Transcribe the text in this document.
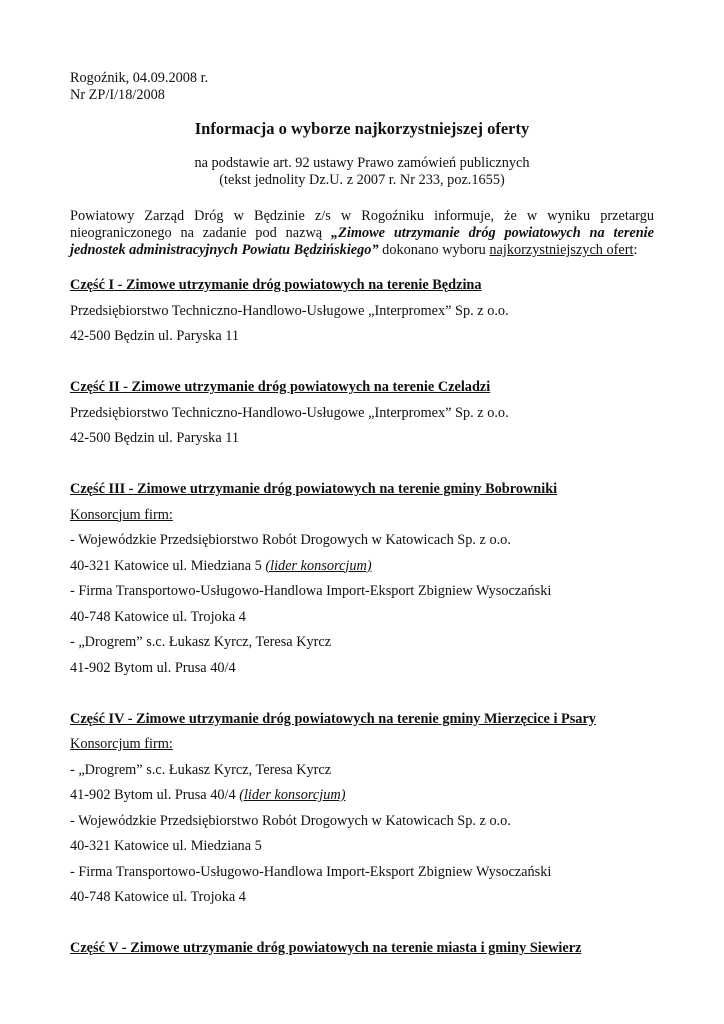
Rogoźnik, 04.09.2008 r.
Nr ZP/I/18/2008
Informacja o wyborze najkorzystniejszej oferty
na podstawie art. 92 ustawy Prawo zamówień publicznych
(tekst jednolity Dz.U. z 2007 r. Nr 233, poz.1655)
Powiatowy Zarząd Dróg w Będzinie z/s w Rogoźniku informuje, że w wyniku przetargu nieograniczonego na zadanie pod nazwą „Zimowe utrzymanie dróg powiatowych na terenie jednostek administracyjnych Powiatu Będzińskiego” dokonano wyboru najkorzystniejszych ofert:
Część I - Zimowe utrzymanie dróg powiatowych na terenie Będzina
Przedsiębiorstwo Techniczno-Handlowo-Usługowe „Interpromex” Sp. z o.o.
42-500 Będzin ul. Paryska 11
Część II - Zimowe utrzymanie dróg powiatowych na terenie Czeladzi
Przedsiębiorstwo Techniczno-Handlowo-Usługowe „Interpromex” Sp. z o.o.
42-500 Będzin ul. Paryska 11
Część III - Zimowe utrzymanie dróg powiatowych na terenie gminy Bobrowniki
Konsorcjum firm:
- Wojewódzkie Przedsiębiorstwo Robót Drogowych w Katowicach Sp. z o.o.
40-321 Katowice ul. Miedziana 5 (lider konsorcjum)
- Firma Transportowo-Usługowo-Handlowa Import-Eksport Zbigniew Wysoczański
40-748 Katowice ul. Trojoka 4
- „Drogrem” s.c. Łukasz Kyrcz, Teresa Kyrcz
41-902 Bytom ul. Prusa 40/4
Część IV - Zimowe utrzymanie dróg powiatowych na terenie gminy Mierzęcice i Psary
Konsorcjum firm:
- „Drogrem” s.c. Łukasz Kyrcz, Teresa Kyrcz
41-902 Bytom ul. Prusa 40/4 (lider konsorcjum)
- Wojewódzkie Przedsiębiorstwo Robót Drogowych w Katowicach Sp. z o.o.
40-321 Katowice ul. Miedziana 5
- Firma Transportowo-Usługowo-Handlowa Import-Eksport Zbigniew Wysoczański
40-748 Katowice ul. Trojoka 4
Część V - Zimowe utrzymanie dróg powiatowych na terenie miasta i gminy Siewierz
